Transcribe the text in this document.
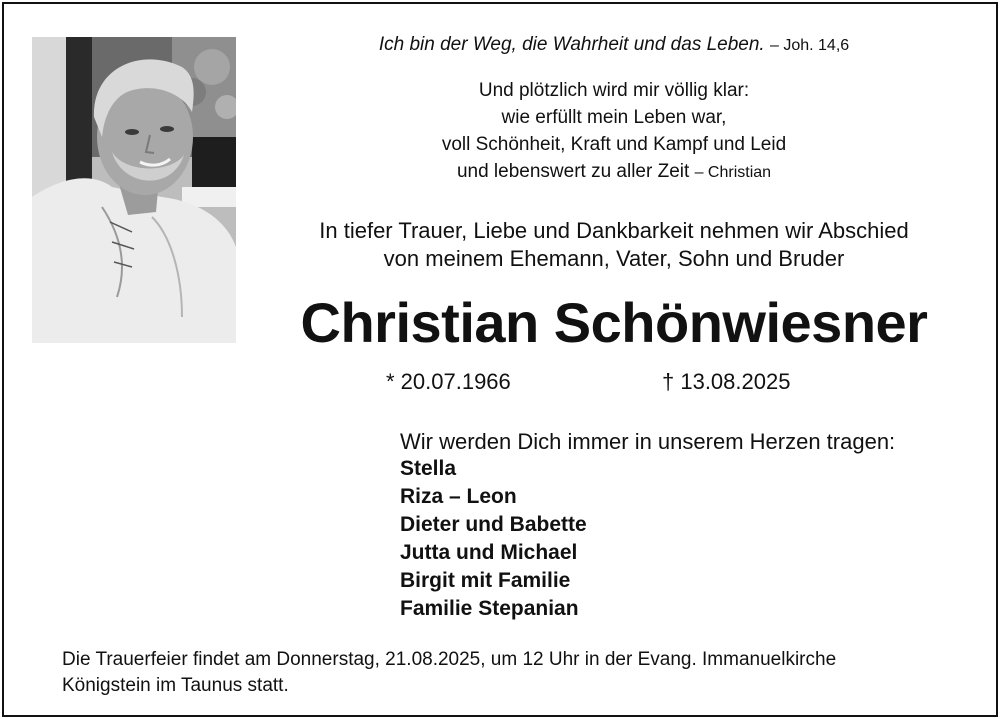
Ich bin der Weg, die Wahrheit und das Leben. – Joh. 14,6
Und plötzlich wird mir völlig klar:
wie erfüllt mein Leben war,
voll Schönheit, Kraft und Kampf und Leid
und lebenswert zu aller Zeit – Christian
In tiefer Trauer, Liebe und Dankbarkeit nehmen wir Abschied
von meinem Ehemann, Vater, Sohn und Bruder
Christian Schönwiesner
* 20.07.1966	† 13.08.2025
Wir werden Dich immer in unserem Herzen tragen:
Stella
Riza – Leon
Dieter und Babette
Jutta und Michael
Birgit mit Familie
Familie Stepanian
Die Trauerfeier findet am Donnerstag, 21.08.2025, um 12 Uhr in der Evang. Immanuelkirche
Königstein im Taunus statt.
